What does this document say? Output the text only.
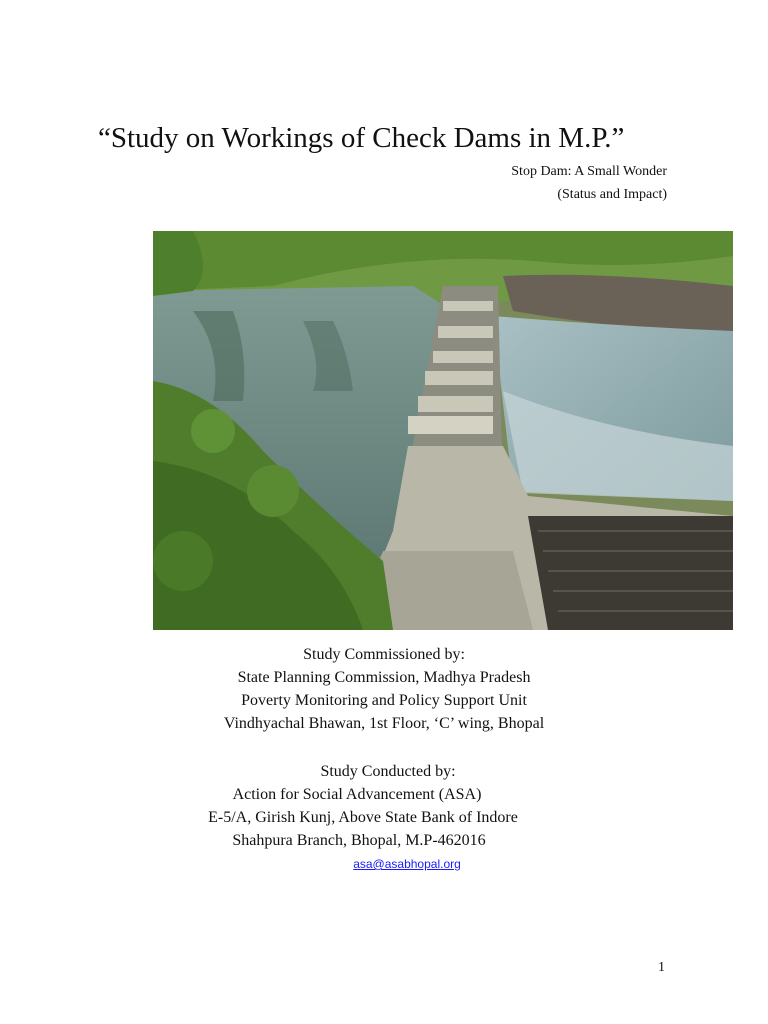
“Study on Workings of Check Dams in M.P.”
Stop Dam: A Small Wonder
(Status and Impact)
Study Commissioned by:
State Planning Commission, Madhya Pradesh
Poverty Monitoring and Policy Support Unit
Vindhyachal Bhawan, 1st Floor, ‘C’ wing, Bhopal
Study Conducted by:
Action for Social Advancement (ASA)
E-5/A, Girish Kunj, Above State Bank of Indore
Shahpura Branch, Bhopal, M.P-462016
asa@asabhopal.org
1
